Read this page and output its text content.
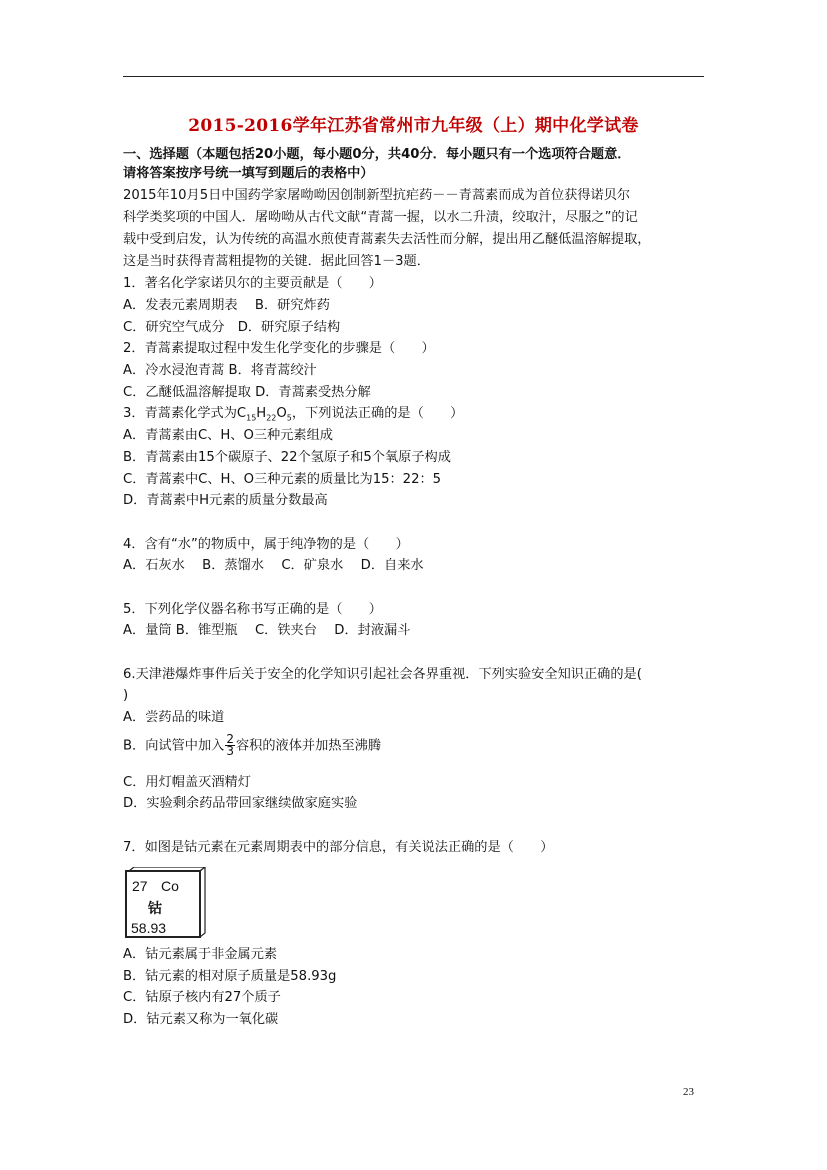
2015-2016学年江苏省常州市九年级（上）期中化学试卷
一、选择题（本题包括20小题，每小题0分，共40分．每小题只有一个选项符合题意．
请将答案按序号统一填写到题后的表格中）
2015年10月5日中国药学家屠呦呦因创制新型抗疟药－－青蒿素而成为首位获得诺贝尔
科学类奖项的中国人．屠呦呦从古代文献“青蒿一握，以水二升渍，绞取汁，尽服之”的记
载中受到启发，认为传统的高温水煎使青蒿素失去活性而分解，提出用乙醚低温溶解提取，
这是当时获得青蒿粗提物的关键．据此回答1－3题．
1．著名化学家诺贝尔的主要贡献是（　　）
A．发表元素周期表　 B．研究炸药
C．研究空气成分　D．研究原子结构
2．青蒿素提取过程中发生化学变化的步骤是（　　）
A．冷水浸泡青蒿 B．将青蒿绞汁
C．乙醚低温溶解提取 D．青蒿素受热分解
3．青蒿素化学式为$C_{15}H_{22}O_5$，下列说法正确的是（　　）
A．青蒿素由C、H、O三种元素组成
B．青蒿素由15个碳原子、22个氢原子和5个氧原子构成
C．青蒿素中C、H、O三种元素的质量比为15：22：5
D．青蒿素中H元素的质量分数最高
4．含有“水”的物质中，属于纯净物的是（　　）
A．石灰水　 B．蒸馏水　 C．矿泉水　 D．自来水
5．下列化学仪器名称书写正确的是（　　）
A．量筒 B．锥型瓶　 C．铁夹台　 D．封液漏斗
6.天津港爆炸事件后关于安全的化学知识引起社会各界重视．下列实验安全知识正确的是(
)
A．尝药品的味道
B．向试管中加入 $\frac{2}{3}$ 容积的液体并加热至沸腾
C．用灯帽盖灭酒精灯
D．实验剩余药品带回家继续做家庭实验
7．如图是钴元素在元素周期表中的部分信息，有关说法正确的是（　　）
27 Co
钴
58.93
A．钴元素属于非金属元素
B．钴元素的相对原子质量是58.93g
C．钴原子核内有27个质子
D．钴元素又称为一氧化碳
23
